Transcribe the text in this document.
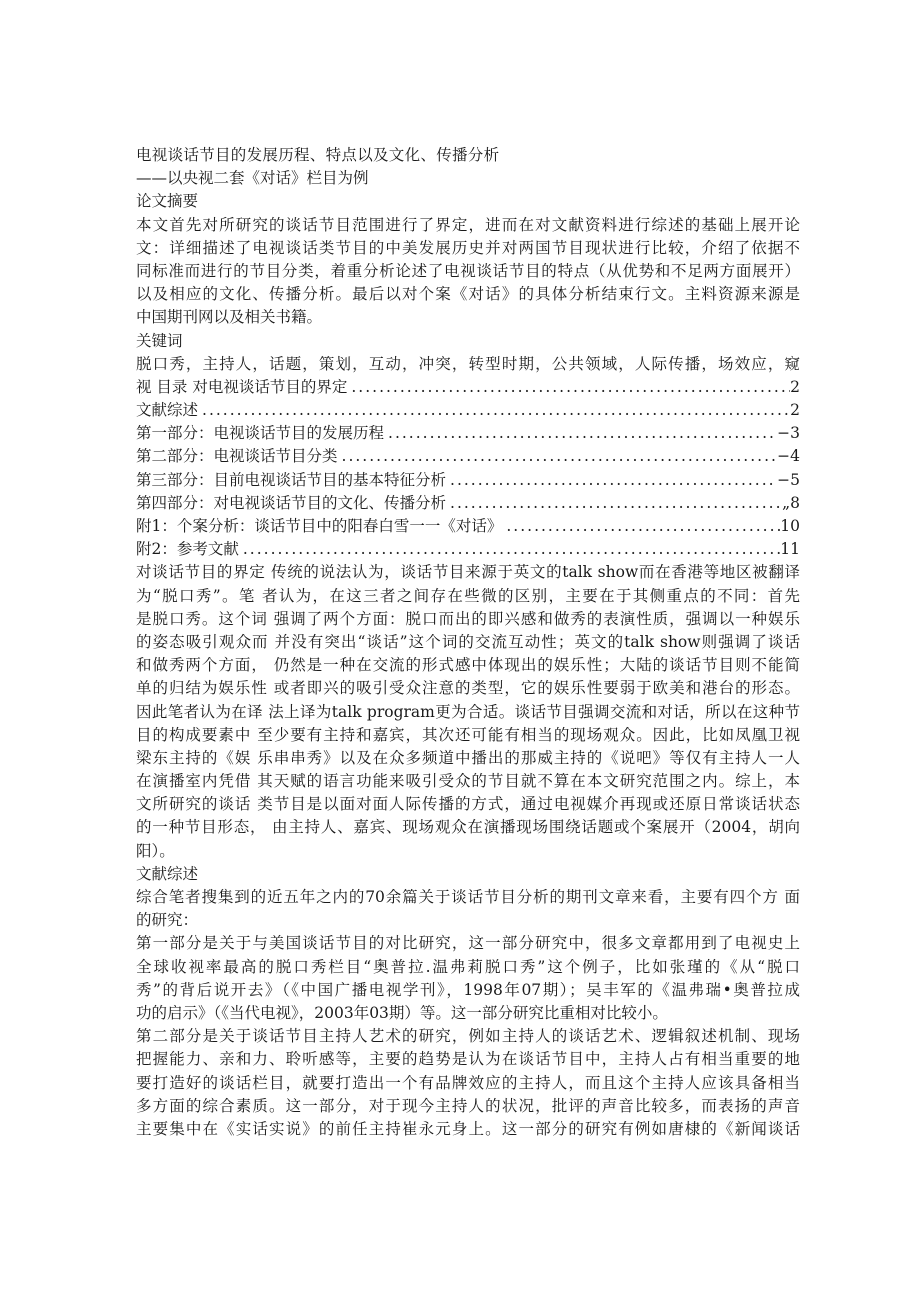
电视谈话节目的发展历程、特点以及文化、传播分析
——以央视二套《对话》栏目为例
论文摘要
本文首先对所研究的谈话节目范围进行了界定，进而在对文献资料进行综述的基础上展开论
文：详细描述了电视谈话类节目的中美发展历史并对两国节目现状进行比较，介绍了依据不
同标准而进行的节目分类，着重分析论述了电视谈话节目的特点（从优势和不足两方面展开）
以及相应的文化、传播分析。最后以对个案《对话》的具体分析结束行文。主料资源来源是
中国期刊网以及相关书籍。
关键词
脱口秀，主持人，话题，策划，互动，冲突，转型时期，公共领域，人际传播，场效应，窥
视 目录 对电视谈话节目的界定 .....	2
文献综述 .....	2
第一部分：电视谈话节目的发展历程 .....	−3
第二部分：电视谈话节目分类 .....	−4
第三部分：目前电视谈话节目的基本特征分析 .....	−5
第四部分：对电视谈话节目的文化、传播分析 .....	„8
附1：个案分析：谈话节目中的阳春白雪一一《对话》 .....	10
附2：参考文献 .....	11
对谈话节目的界定 传统的说法认为，谈话节目来源于英文的talk show而在香港等地区被翻译
为“脱口秀”。笔 者认为，在这三者之间存在些微的区别，主要在于其侧重点的不同：首先
是脱口秀。这个词 强调了两个方面：脱口而出的即兴感和做秀的表演性质，强调以一种娱乐
的姿态吸引观众而 并没有突出“谈话”这个词的交流互动性；英文的talk show则强调了谈话
和做秀两个方面， 仍然是一种在交流的形式感中体现出的娱乐性；大陆的谈话节目则不能简
单的归结为娱乐性 或者即兴的吸引受众注意的类型，它的娱乐性要弱于欧美和港台的形态。
因此笔者认为在译 法上译为talk program更为合适。谈话节目强调交流和对话，所以在这种节
目的构成要素中 至少要有主持和嘉宾，其次还可能有相当的现场观众。因此，比如凤凰卫视
梁东主持的《娱 乐串串秀》以及在众多频道中播出的那威主持的《说吧》等仅有主持人一人
在演播室内凭借 其天赋的语言功能来吸引受众的节目就不算在本文研究范围之内。综上，本
文所研究的谈话 类节目是以面对面人际传播的方式，通过电视媒介再现或还原日常谈话状态
的一种节目形态， 由主持人、嘉宾、现场观众在演播现场围绕话题或个案展开（2004，胡向
阳）。
文献综述
综合笔者搜集到的近五年之内的70余篇关于谈话节目分析的期刊文章来看，主要有四个方 面
的研究：
第一部分是关于与美国谈话节目的对比研究，这一部分研究中，很多文章都用到了电视史上
全球收视率最高的脱口秀栏目“奥普拉.温弗莉脱口秀”这个例子，比如张瑾的《从“脱口
秀”的背后说开去》（《中国广播电视学刊》，1998年07期）；吴丰军的《温弗瑞•奥普拉成
功的启示》（《当代电视》，2003年03期）等。这一部分研究比重相对比较小。
第二部分是关于谈话节目主持人艺术的研究，例如主持人的谈话艺术、逻辑叙述机制、现场
把握能力、亲和力、聆听感等，主要的趋势是认为在谈话节目中，主持人占有相当重要的地
要打造好的谈话栏目，就要打造出一个有品牌效应的主持人，而且这个主持人应该具备相当
多方面的综合素质。这一部分，对于现今主持人的状况，批评的声音比较多，而表扬的声音
主要集中在《实话实说》的前任主持崔永元身上。这一部分的研究有例如唐棣的《新闻谈话
